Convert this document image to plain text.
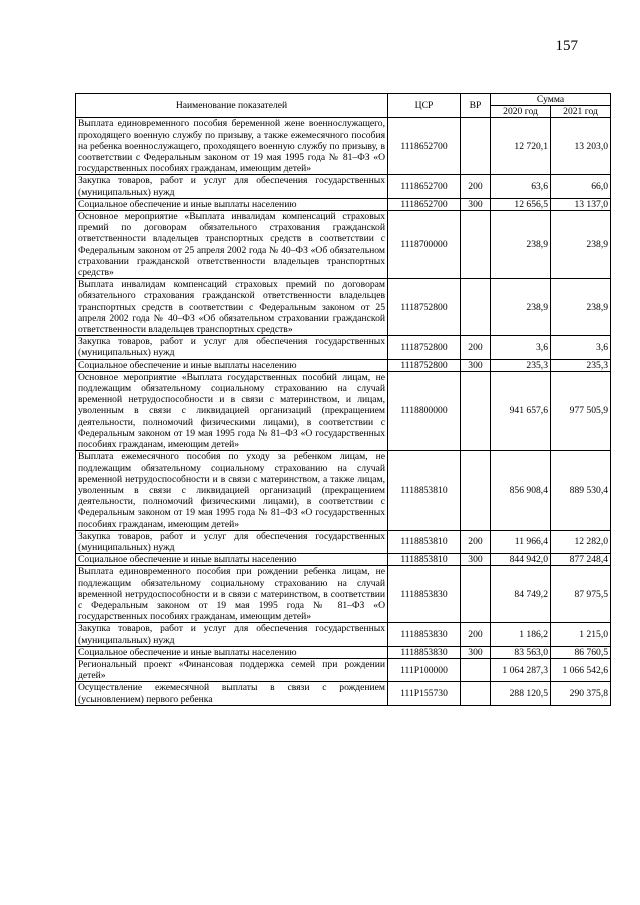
157
Наименование показателей	ЦСР	ВР	Сумма	
			2020 год	2021 год
Выплата единовременного пособия беременной жене военнослужащего, проходящего военную службу по призыву, а также ежемесячного пособия на ребенка военнослужащего, проходящего военную службу по призыву, в соответствии с Федеральным законом от 19 мая 1995 года № 81–ФЗ «О государственных пособиях гражданам, имеющим детей»	1118652700		12 720,1	13 203,0
Закупка товаров, работ и услуг для обеспечения государственных (муниципальных) нужд	1118652700	200	63,6	66,0
Социальное обеспечение и иные выплаты населению	1118652700	300	12 656,5	13 137,0
Основное мероприятие «Выплата инвалидам компенсаций страховых премий по договорам обязательного страхования гражданской ответственности владельцев транспортных средств в соответствии с Федеральным законом от 25 апреля 2002 года № 40–ФЗ «Об обязательном страховании гражданской ответственности владельцев транспортных средств»	1118700000		238,9	238,9
Выплата инвалидам компенсаций страховых премий по договорам обязательного страхования гражданской ответственности владельцев транспортных средств в соответствии с Федеральным законом от 25 апреля 2002 года № 40–ФЗ «Об обязательном страховании гражданской ответственности владельцев транспортных средств»	1118752800		238,9	238,9
Закупка товаров, работ и услуг для обеспечения государственных (муниципальных) нужд	1118752800	200	3,6	3,6
Социальное обеспечение и иные выплаты населению	1118752800	300	235,3	235,3
Основное мероприятие «Выплата государственных пособий лицам, не подлежащим обязательному социальному страхованию на случай временной нетрудоспособности и в связи с материнством, и лицам, уволенным в связи с ликвидацией организаций (прекращением деятельности, полномочий физическими лицами), в соответствии с Федеральным законом от 19 мая 1995 года № 81–ФЗ «О государственных пособиях гражданам, имеющим детей»	1118800000		941 657,6	977 505,9
Выплата ежемесячного пособия по уходу за ребенком лицам, не подлежащим обязательному социальному страхованию на случай временной нетрудоспособности и в связи с материнством, а также лицам, уволенным в связи с ликвидацией организаций (прекращением деятельности, полномочий физическими лицами), в соответствии с Федеральным законом от 19 мая 1995 года № 81–ФЗ «О государственных пособиях гражданам, имеющим детей»	1118853810		856 908,4	889 530,4
Закупка товаров, работ и услуг для обеспечения государственных (муниципальных) нужд	1118853810	200	11 966,4	12 282,0
Социальное обеспечение и иные выплаты населению	1118853810	300	844 942,0	877 248,4
Выплата единовременного пособия при рождении ребенка лицам, не подлежащим обязательному социальному страхованию на случай временной нетрудоспособности и в связи с материнством, в соответствии с Федеральным законом от 19 мая 1995 года № 81–ФЗ «О государственных пособиях гражданам, имеющим детей»	1118853830		84 749,2	87 975,5
Закупка товаров, работ и услуг для обеспечения государственных (муниципальных) нужд	1118853830	200	1 186,2	1 215,0
Социальное обеспечение и иные выплаты населению	1118853830	300	83 563,0	86 760,5
Региональный проект «Финансовая поддержка семей при рождении детей»	111P100000		1 064 287,3	1 066 542,6
Осуществление ежемесячной выплаты в связи с рождением (усыновлением) первого ребенка	111P155730		288 120,5	290 375,8
